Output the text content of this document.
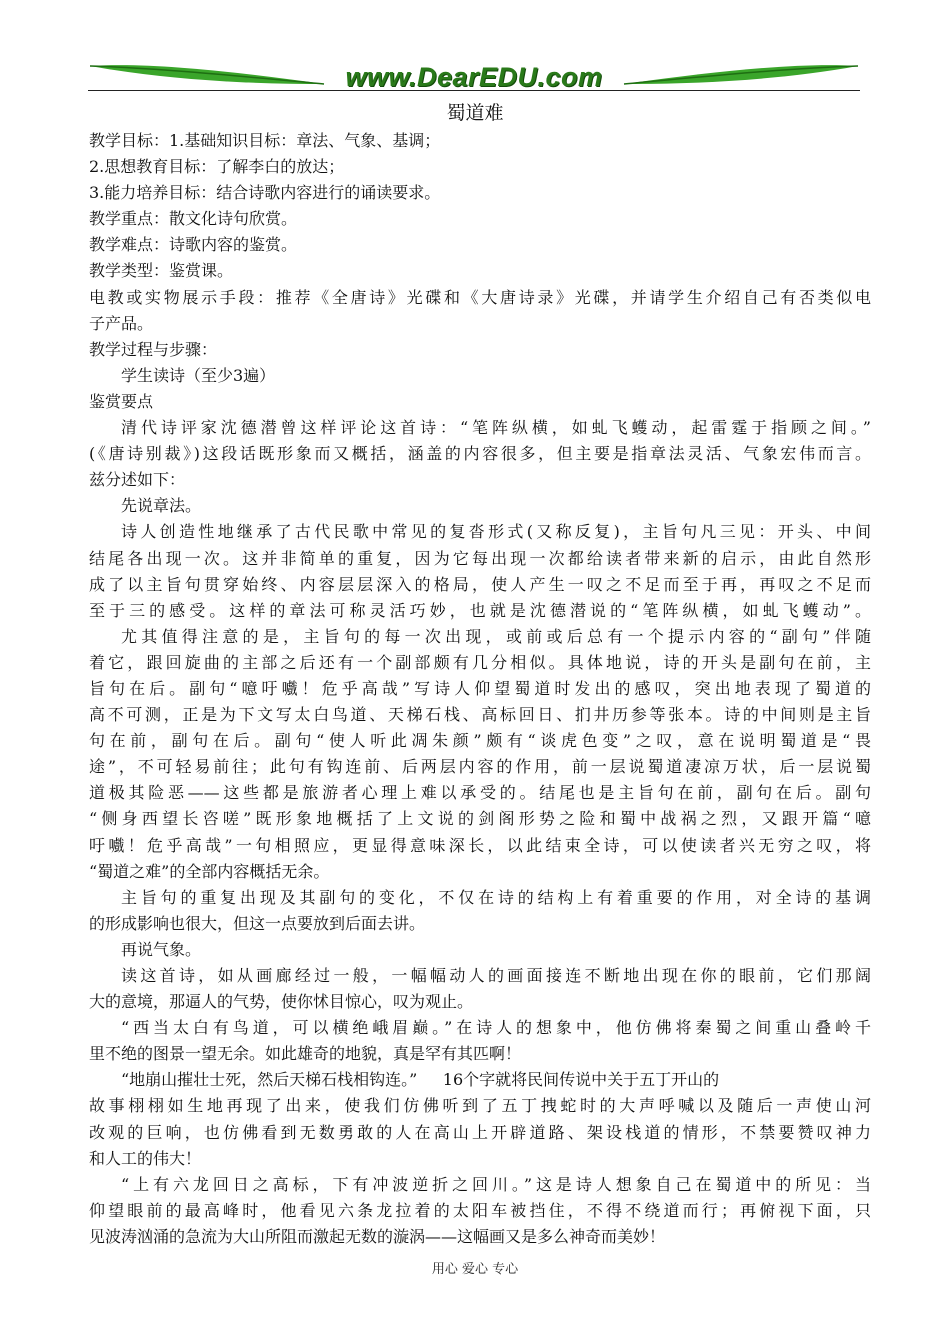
www.DearEDU.com
蜀道难
教学目标：1.基础知识目标：章法、气象、基调；
2.思想教育目标：了解李白的放达；
3.能力培养目标：结合诗歌内容进行的诵读要求。
教学重点：散文化诗句欣赏。
教学难点：诗歌内容的鉴赏。
教学类型：鉴赏课。
电教或实物展示手段：推荐《全唐诗》光碟和《大唐诗录》光碟，并请学生介绍自己有否类似电
子产品。
教学过程与步骤：
学生读诗（至少3遍）
鉴赏要点
清代诗评家沈德潜曾这样评论这首诗：“笔阵纵横，如虬飞蠖动，起雷霆于指顾之间。”
(《唐诗别裁》)这段话既形象而又概括，涵盖的内容很多，但主要是指章法灵活、气象宏伟而言。
兹分述如下：
先说章法。
诗人创造性地继承了古代民歌中常见的复沓形式(又称反复)，主旨句凡三见：开头、中间
结尾各出现一次。这并非简单的重复，因为它每出现一次都给读者带来新的启示，由此自然形
成了以主旨句贯穿始终、内容层层深入的格局，使人产生一叹之不足而至于再，再叹之不足而
至于三的感受。这样的章法可称灵活巧妙，也就是沈德潜说的“笔阵纵横，如虬飞蠖动”。
尤其值得注意的是，主旨句的每一次出现，或前或后总有一个提示内容的“副句”伴随
着它，跟回旋曲的主部之后还有一个副部颇有几分相似。具体地说，诗的开头是副句在前，主
旨句在后。副句“噫吁嚱！危乎高哉”写诗人仰望蜀道时发出的感叹，突出地表现了蜀道的
高不可测，正是为下文写太白鸟道、天梯石栈、高标回日、扪井历参等张本。诗的中间则是主旨
句在前，副句在后。副句“使人听此凋朱颜”颇有“谈虎色变”之叹，意在说明蜀道是“畏
途”，不可轻易前往；此句有钩连前、后两层内容的作用，前一层说蜀道凄凉万状，后一层说蜀
道极其险恶——这些都是旅游者心理上难以承受的。结尾也是主旨句在前，副句在后。副句
“侧身西望长咨嗟”既形象地概括了上文说的剑阁形势之险和蜀中战祸之烈，又跟开篇“噫
吁嚱！危乎高哉”一句相照应，更显得意味深长，以此结束全诗，可以使读者兴无穷之叹，将
“蜀道之难”的全部内容概括无余。
主旨句的重复出现及其副句的变化，不仅在诗的结构上有着重要的作用，对全诗的基调
的形成影响也很大，但这一点要放到后面去讲。
再说气象。
读这首诗，如从画廊经过一般，一幅幅动人的画面接连不断地出现在你的眼前，它们那阔
大的意境，那逼人的气势，使你怵目惊心，叹为观止。
“西当太白有鸟道，可以横绝峨眉巅。”在诗人的想象中，他仿佛将秦蜀之间重山叠岭千
里不绝的图景一望无余。如此雄奇的地貌，真是罕有其匹啊！
“地崩山摧壮士死，然后天梯石栈相钩连。”     16个字就将民间传说中关于五丁开山的
故事栩栩如生地再现了出来，使我们仿佛听到了五丁拽蛇时的大声呼喊以及随后一声使山河
改观的巨响，也仿佛看到无数勇敢的人在高山上开辟道路、架设栈道的情形，不禁要赞叹神力
和人工的伟大！
“上有六龙回日之高标，下有冲波逆折之回川。”这是诗人想象自己在蜀道中的所见：当
仰望眼前的最高峰时，他看见六条龙拉着的太阳车被挡住，不得不绕道而行；再俯视下面，只
见波涛汹涌的急流为大山所阻而激起无数的漩涡——这幅画又是多么神奇而美妙！
用心 爱心 专心
